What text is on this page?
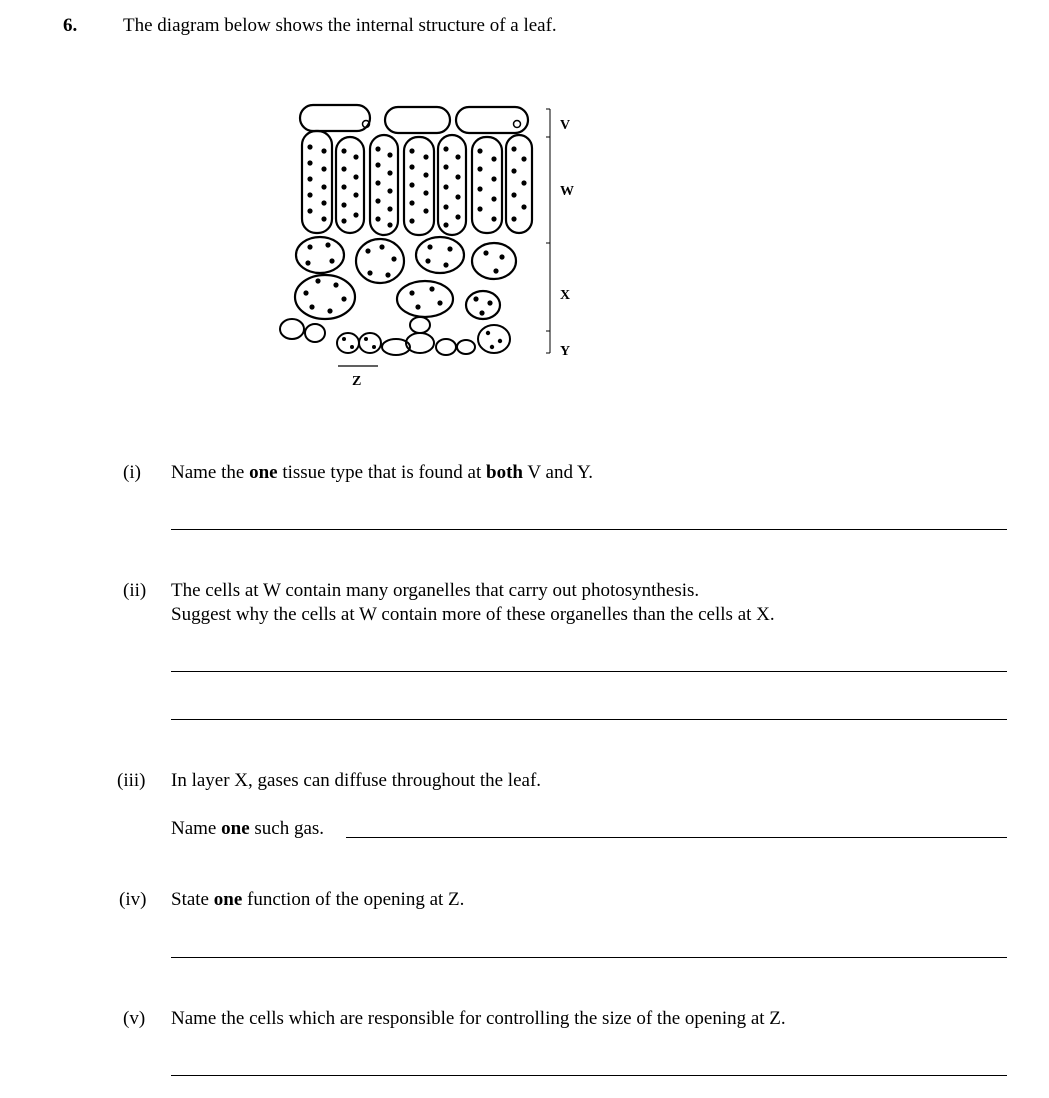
6. The diagram below shows the internal structure of a leaf.
V
W
X
Y
Z
(i) Name the one tissue type that is found at both V and Y.
(ii) The cells at W contain many organelles that carry out photosynthesis.
Suggest why the cells at W contain more of these organelles than the cells at X.
(iii) In layer X, gases can diffuse throughout the leaf.
Name one such gas.
(iv) State one function of the opening at Z.
(v) Name the cells which are responsible for controlling the size of the opening at Z.
